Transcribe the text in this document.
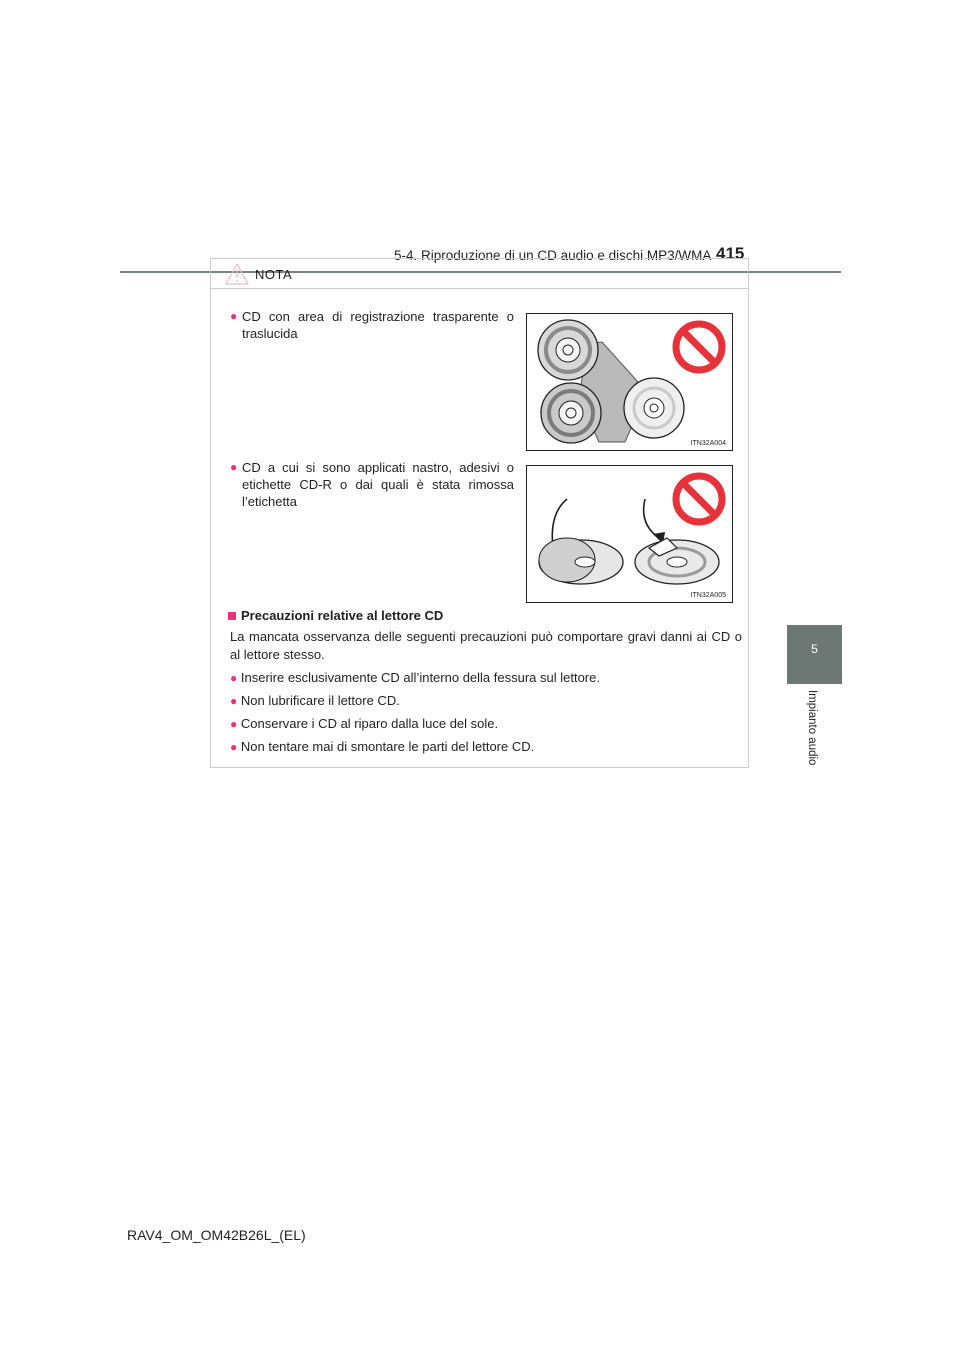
5-4. Riproduzione di un CD audio e dischi MP3/WMA 415
5
Impianto audio
NOTA
● CD con area di registrazione trasparente o traslucida
ITN32A004
● CD a cui si sono applicati nastro, adesivi o etichette CD-R o dai quali è stata rimossa l’etichetta
ITN32A005
Precauzioni relative al lettore CD
La mancata osservanza delle seguenti precauzioni può comportare gravi danni ai CD o al lettore stesso.
● Inserire esclusivamente CD all’interno della fessura sul lettore.
● Non lubrificare il lettore CD.
● Conservare i CD al riparo dalla luce del sole.
● Non tentare mai di smontare le parti del lettore CD.
RAV4_OM_OM42B26L_(EL)
